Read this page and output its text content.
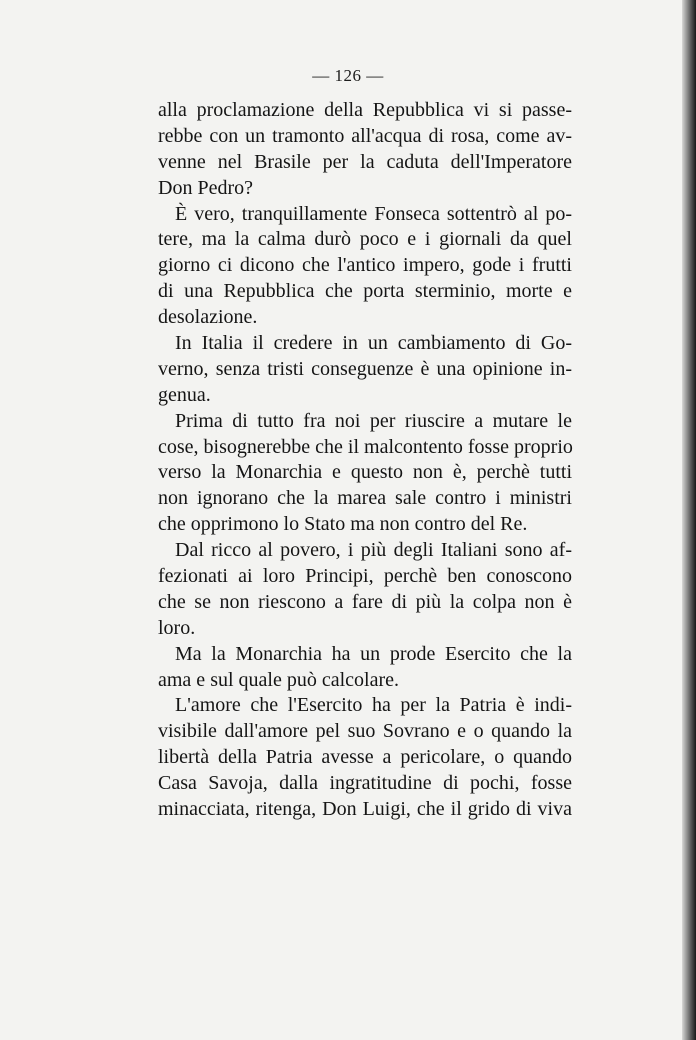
— 126 —
alla proclamazione della Repubblica vi si passe-
rebbe con un tramonto all'acqua di rosa, come av-
venne nel Brasile per la caduta dell'Imperatore
Don Pedro?
È vero, tranquillamente Fonseca sottentrò al po-
tere, ma la calma durò poco e i giornali da quel
giorno ci dicono che l'antico impero, gode i frutti
di una Repubblica che porta sterminio, morte e
desolazione.
In Italia il credere in un cambiamento di Go-
verno, senza tristi conseguenze è una opinione in-
genua.
Prima di tutto fra noi per riuscire a mutare le
cose, bisognerebbe che il malcontento fosse proprio
verso la Monarchia e questo non è, perchè tutti
non ignorano che la marea sale contro i ministri
che opprimono lo Stato ma non contro del Re.
Dal ricco al povero, i più degli Italiani sono af-
fezionati ai loro Principi, perchè ben conoscono
che se non riescono a fare di più la colpa non è
loro.
Ma la Monarchia ha un prode Esercito che la
ama e sul quale può calcolare.
L'amore che l'Esercito ha per la Patria è indi-
visibile dall'amore pel suo Sovrano e o quando la
libertà della Patria avesse a pericolare, o quando
Casa Savoja, dalla ingratitudine di pochi, fosse
minacciata, ritenga, Don Luigi, che il grido di viva
